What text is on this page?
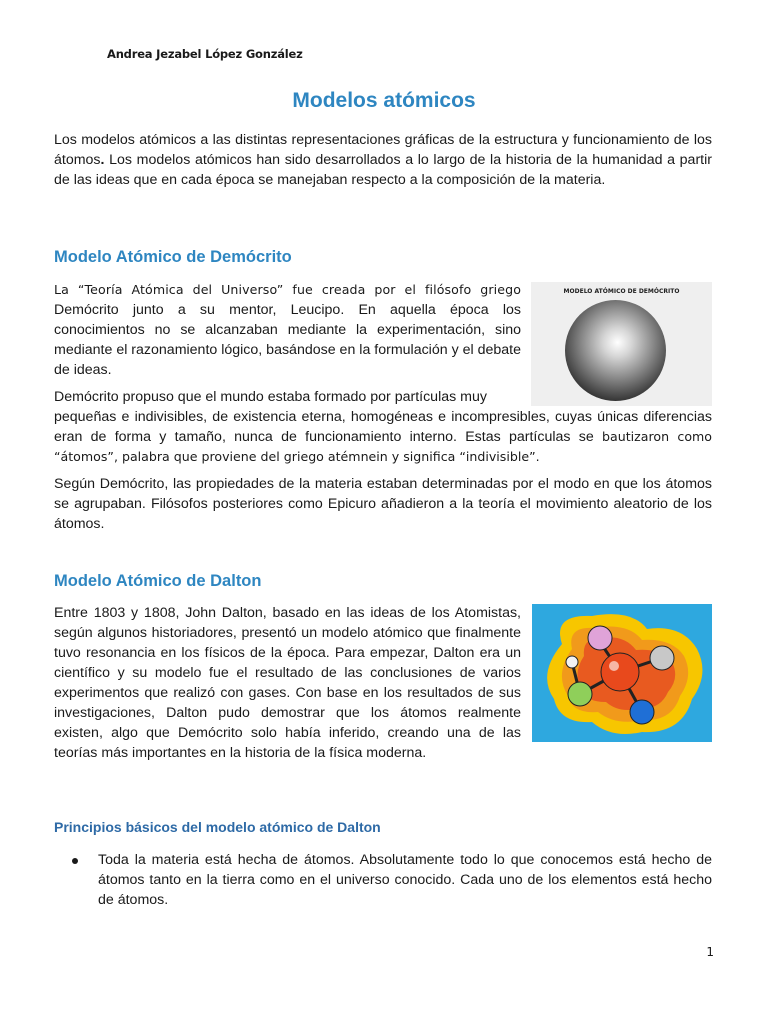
Andrea Jezabel López González
Modelos atómicos

Los modelos atómicos a las distintas representaciones gráficas de la estructura y funcionamiento de los átomos. Los modelos atómicos han sido desarrollados a lo largo de la historia de la humanidad a partir de las ideas que en cada época se manejaban respecto a la composición de la materia.

Modelo Atómico de Demócrito

La “Teoría Atómica del Universo” fue creada por el filósofo griego Demócrito junto a su mentor, Leucipo. En aquella época los conocimientos no se alcanzaban mediante la experimentación, sino mediante el razonamiento lógico, basándose en la formulación y el debate de ideas.

MODELO ATÓMICO DE DEMÓCRITO

Demócrito propuso que el mundo estaba formado por partículas muy
pequeñas e indivisibles, de existencia eterna, homogéneas e incompresibles, cuyas únicas diferencias eran de forma y tamaño, nunca de funcionamiento interno. Estas partículas se bautizaron como “átomos”, palabra que proviene del griego atémnein y significa “indivisible”.

Según Demócrito, las propiedades de la materia estaban determinadas por el modo en que los átomos se agrupaban. Filósofos posteriores como Epicuro añadieron a la teoría el movimiento aleatorio de los átomos.

Modelo Atómico de Dalton

Entre 1803 y 1808, John Dalton, basado en las ideas de los Atomistas, según algunos historiadores, presentó un modelo atómico que finalmente tuvo resonancia en los físicos de la época. Para empezar, Dalton era un científico y su modelo fue el resultado de las conclusiones de varios experimentos que realizó con gases. Con base en los resultados de sus investigaciones, Dalton pudo demostrar que los átomos realmente existen, algo que Demócrito solo había inferido, creando una de las teorías más importantes en la historia de la física moderna.

Principios básicos del modelo atómico de Dalton

Toda la materia está hecha de átomos. Absolutamente todo lo que conocemos está hecho de átomos tanto en la tierra como en el universo conocido. Cada uno de los elementos está hecho de átomos.

1
